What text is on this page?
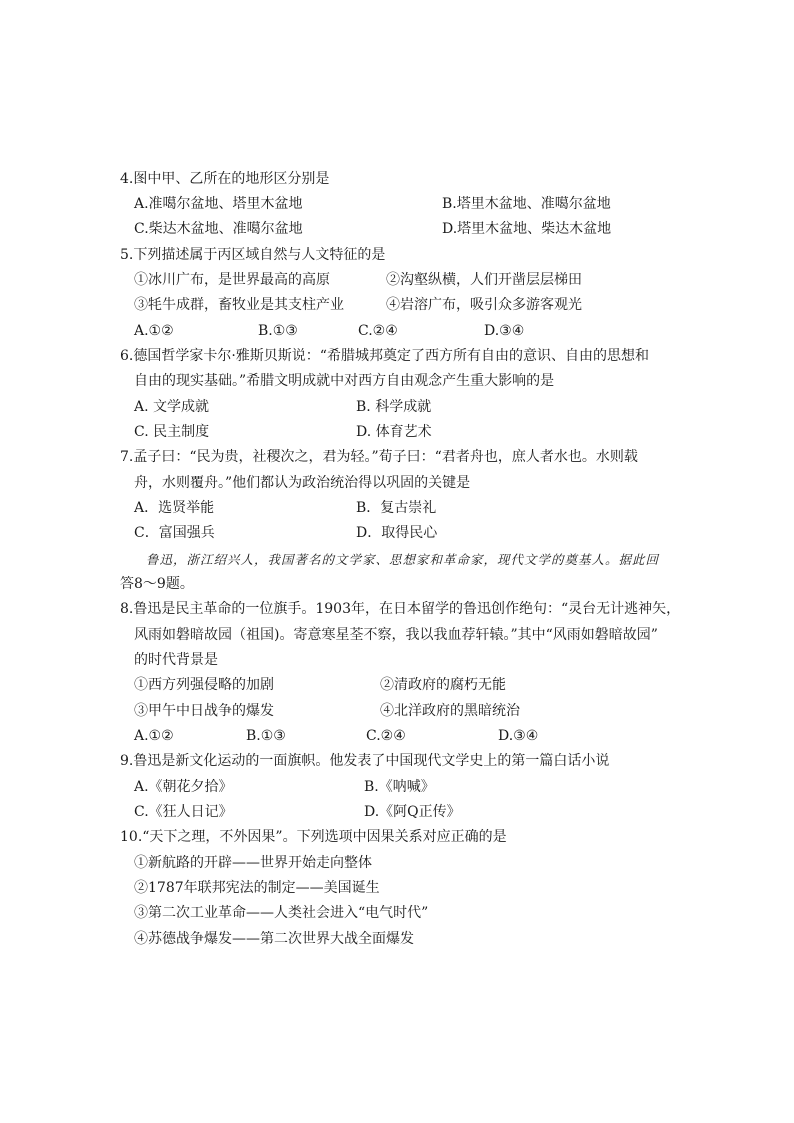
4.图中甲、乙所在的地形区分别是
A.准噶尔盆地、塔里木盆地	B.塔里木盆地、准噶尔盆地
C.柴达木盆地、准噶尔盆地	D.塔里木盆地、柴达木盆地
5.下列描述属于丙区域自然与人文特征的是
①冰川广布，是世界最高的高原	②沟壑纵横，人们开凿层层梯田
③牦牛成群，畜牧业是其支柱产业	④岩溶广布，吸引众多游客观光
A.①②	B.①③	C.②④	D.③④
6.德国哲学家卡尔·雅斯贝斯说：“希腊城邦奠定了西方所有自由的意识、自由的思想和
自由的现实基础。”希腊文明成就中对西方自由观念产生重大影响的是
A. 文学成就	B. 科学成就
C. 民主制度	D. 体育艺术
7.孟子曰：“民为贵，社稷次之，君为轻。”荀子曰：“君者舟也，庶人者水也。水则载
舟，水则覆舟。”他们都认为政治统治得以巩固的关键是
A．选贤举能	B．复古崇礼
C．富国强兵	D．取得民心
鲁迅，浙江绍兴人，我国著名的文学家、思想家和革命家，现代文学的奠基人。据此回
答8～9题。
8.鲁迅是民主革命的一位旗手。1903年，在日本留学的鲁迅创作绝句：“灵台无计逃神矢，
风雨如磐暗故园（祖国)。寄意寒星荃不察，我以我血荐轩辕。”其中“风雨如磐暗故园”
的时代背景是
①西方列强侵略的加剧	②清政府的腐朽无能
③甲午中日战争的爆发	④北洋政府的黑暗统治
A.①②	B.①③	C.②④	D.③④
9.鲁迅是新文化运动的一面旗帜。他发表了中国现代文学史上的第一篇白话小说
A.《朝花夕拾》	B.《呐喊》
C.《狂人日记》	D.《阿Q正传》
10.“天下之理，不外因果”。下列选项中因果关系对应正确的是
①新航路的开辟——世界开始走向整体
②1787年联邦宪法的制定——美国诞生
③第二次工业革命——人类社会进入“电气时代”
④苏德战争爆发——第二次世界大战全面爆发
